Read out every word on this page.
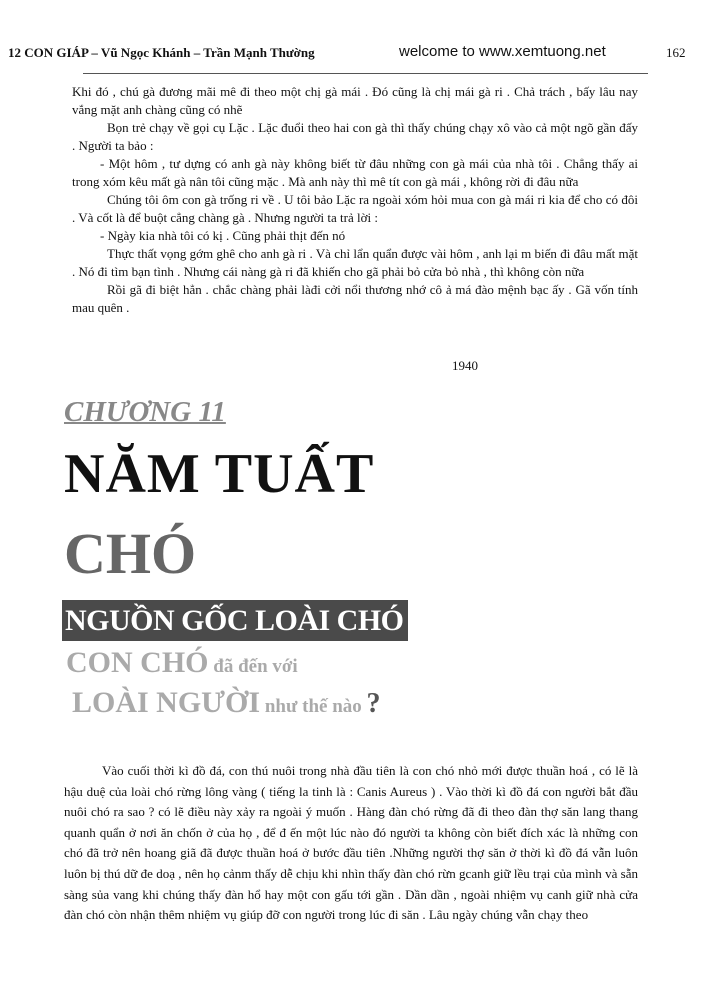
12 CON GIÁP – Vũ Ngọc Khánh – Trần Mạnh Thường	welcome to www.xemtuong.net	162

Khi đó , chú gà đương mãi mê đi theo một chị gà mái . Đó cũng là chị mái gà ri . Chả trách , bấy lâu nay vắng mặt anh chàng cũng có nhẽ

Bọn trẻ chạy về gọi cụ Lặc . Lặc đuổi theo hai con gà thì thấy chúng chạy xô vào cả một ngõ gần đấy . Người ta bảo :

- Một hôm , tư dựng có anh gà này không biết từ đâu những con gà mái của nhà tôi . Chẳng thấy ai trong xóm kêu mất gà nân tôi cũng mặc . Mà anh này thì mê tít con gà mái , không rời đi đâu nữa

Chúng tôi ôm con gà trống ri về . U tôi bảo Lặc ra ngoài xóm hỏi mua con gà mái ri kia để cho có đôi . Và cốt là để buột cẳng chàng gà . Nhưng người ta trả lời :

- Ngày kia nhà tôi có kị . Cũng phải thịt đến nó

Thực thất vọng gớm ghê cho anh gà ri . Và chỉ lẩn quẩn được vài hôm , anh lại m biến đi đâu mất mặt . Nó đi tìm bạn tình . Nhưng cái nàng gà ri đã khiến cho gã phải bỏ cửa bỏ nhà , thì không còn nữa

Rồi gã đi biệt hẳn . chắc chàng phải làđi cởi nổi thương nhớ cô ả má đào mệnh bạc ấy . Gã vốn tính mau quên .

1940
CHƯƠNG 11
NĂM TUẤT
CHÓ
NGUỒN GỐC LOÀI CHÓ
CON CHÓ đã đến với
LOÀI NGƯỜI như thế nào ?

Vào cuối thời kì đồ đá, con thú nuôi trong nhà đầu tiên là con chó nhỏ mới được thuần hoá , có lẽ là hậu duệ của loài chó rừng lông vàng ( tiếng la tinh là : Canis Aureus ) . Vào thời kì đồ đá con người bắt đầu nuôi chó ra sao ? có lẽ điều này xảy ra ngoài ý muốn . Hàng đàn chó rừng đã đi theo đàn thợ săn lang thang quanh quẩn ở nơi ăn chốn ở của họ , để đ ến một lúc nào đó người ta không còn biết đích xác là những con chó đã trở nên hoang giã đã được thuần hoá ở bước đầu tiên .Những người thợ săn ở thời kì đồ đá vẫn luôn luôn bị thú dữ đe doạ , nên họ cảnm thấy dễ chịu khi nhìn thấy đàn chó rừn gcanh giữ lều trại của mình và sẵn sàng sủa vang khi chúng thấy đàn hổ hay một con gấu tới gần . Dần dần , ngoài nhiệm vụ canh giữ nhà cửa đàn chó còn nhận thêm nhiệm vụ giúp đỡ con người trong lúc đi săn . Lâu ngày chúng vẫn chạy theo
